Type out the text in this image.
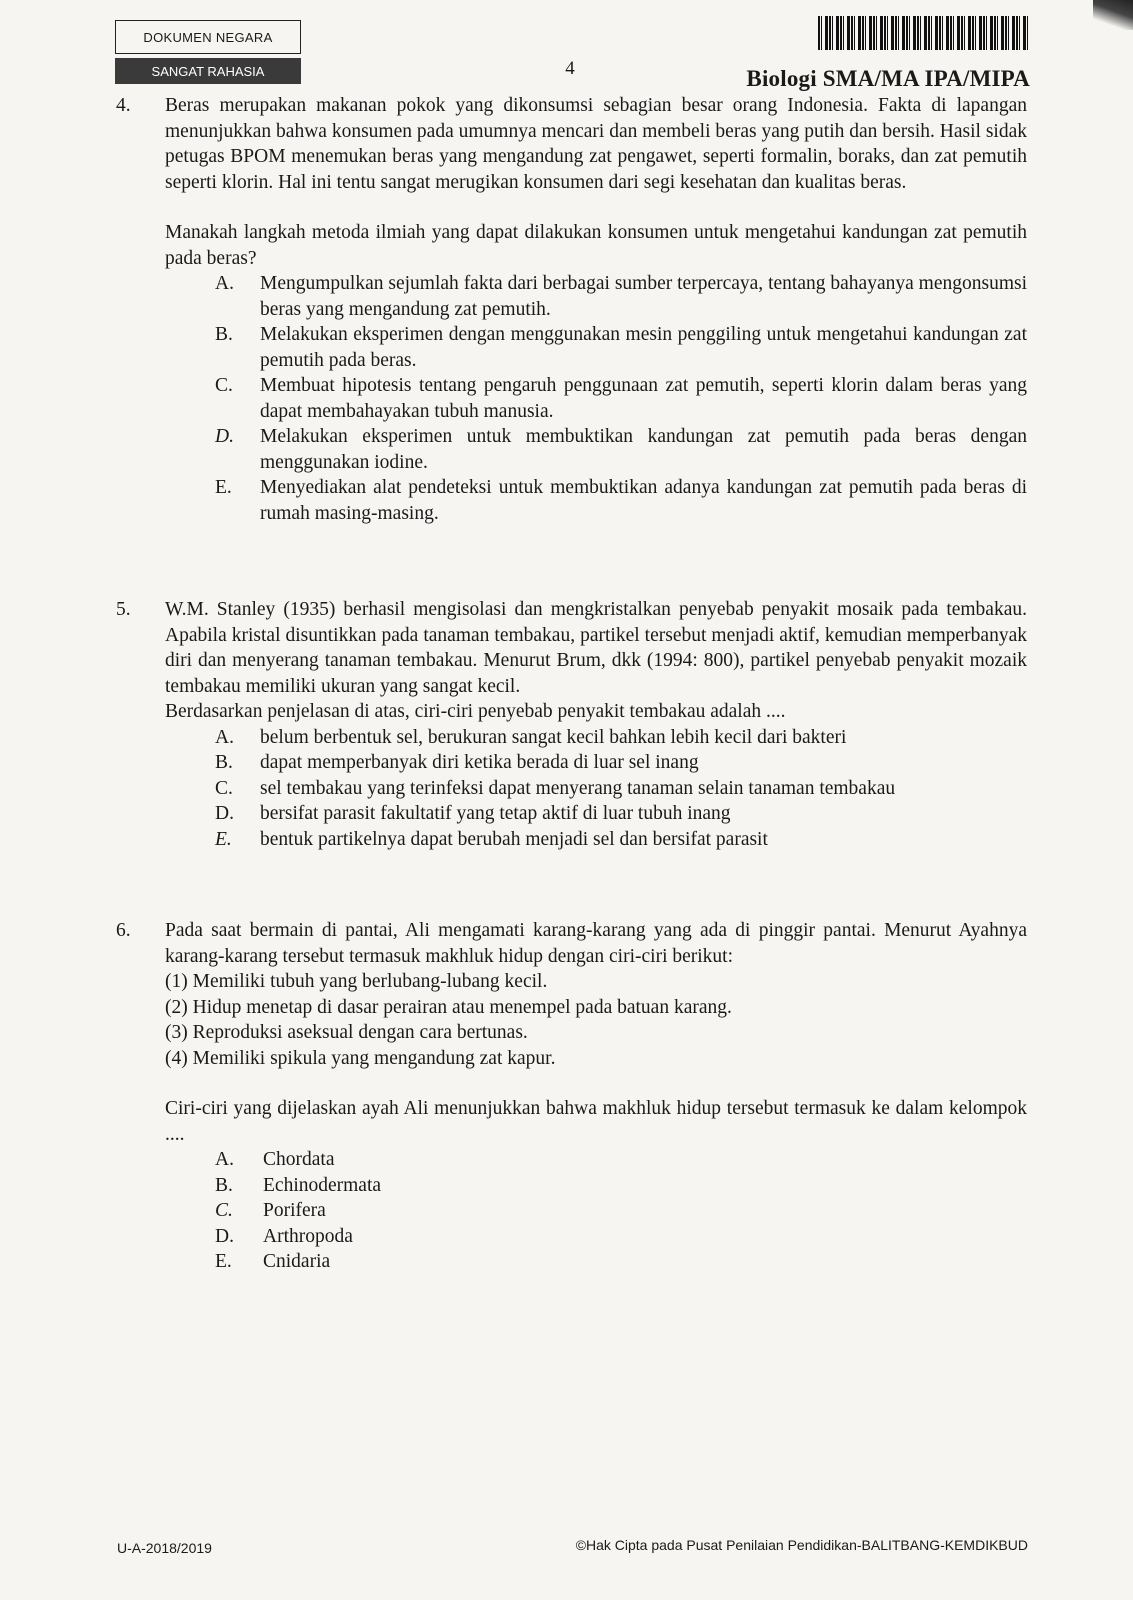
DOKUMEN NEGARA
SANGAT RAHASIA	4	Biologi SMA/MA IPA/MIPA
4. Beras merupakan makanan pokok yang dikonsumsi sebagian besar orang Indonesia. Fakta di lapangan menunjukkan bahwa konsumen pada umumnya mencari dan membeli beras yang putih dan bersih. Hasil sidak petugas BPOM menemukan beras yang mengandung zat pengawet, seperti formalin, boraks, dan zat pemutih seperti klorin. Hal ini tentu sangat merugikan konsumen dari segi kesehatan dan kualitas beras.

Manakah langkah metoda ilmiah yang dapat dilakukan konsumen untuk mengetahui kandungan zat pemutih pada beras?

A.	Mengumpulkan sejumlah fakta dari berbagai sumber terpercaya, tentang bahayanya mengonsumsi beras yang mengandung zat pemutih.
B.	Melakukan eksperimen dengan menggunakan mesin penggiling untuk mengetahui kandungan zat pemutih pada beras.
C.	Membuat hipotesis tentang pengaruh penggunaan zat pemutih, seperti klorin dalam beras yang dapat membahayakan tubuh manusia.
D.	Melakukan eksperimen untuk membuktikan kandungan zat pemutih pada beras dengan menggunakan iodine.
E.	Menyediakan alat pendeteksi untuk membuktikan adanya kandungan zat pemutih pada beras di rumah masing-masing.
5. W.M. Stanley (1935) berhasil mengisolasi dan mengkristalkan penyebab penyakit mosaik pada tembakau. Apabila kristal disuntikkan pada tanaman tembakau, partikel tersebut menjadi aktif, kemudian memperbanyak diri dan menyerang tanaman tembakau. Menurut Brum, dkk (1994: 800), partikel penyebab penyakit mozaik tembakau memiliki ukuran yang sangat kecil.

Berdasarkan penjelasan di atas, ciri-ciri penyebab penyakit tembakau adalah ....

A.	belum berbentuk sel, berukuran sangat kecil bahkan lebih kecil dari bakteri
B.	dapat memperbanyak diri ketika berada di luar sel inang
C.	sel tembakau yang terinfeksi dapat menyerang tanaman selain tanaman tembakau
D.	bersifat parasit fakultatif yang tetap aktif di luar tubuh inang
E.	bentuk partikelnya dapat berubah menjadi sel dan bersifat parasit
6. Pada saat bermain di pantai, Ali mengamati karang-karang yang ada di pinggir pantai. Menurut Ayahnya karang-karang tersebut termasuk makhluk hidup dengan ciri-ciri berikut:

(1) Memiliki tubuh yang berlubang-lubang kecil.
(2) Hidup menetap di dasar perairan atau menempel pada batuan karang.
(3) Reproduksi aseksual dengan cara bertunas.
(4) Memiliki spikula yang mengandung zat kapur.

Ciri-ciri yang dijelaskan ayah Ali menunjukkan bahwa makhluk hidup tersebut termasuk ke dalam kelompok ....

A.	Chordata
B.	Echinodermata
C.	Porifera
D.	Arthropoda
E.	Cnidaria
U-A-2018/2019	©Hak Cipta pada Pusat Penilaian Pendidikan-BALITBANG-KEMDIKBUD
